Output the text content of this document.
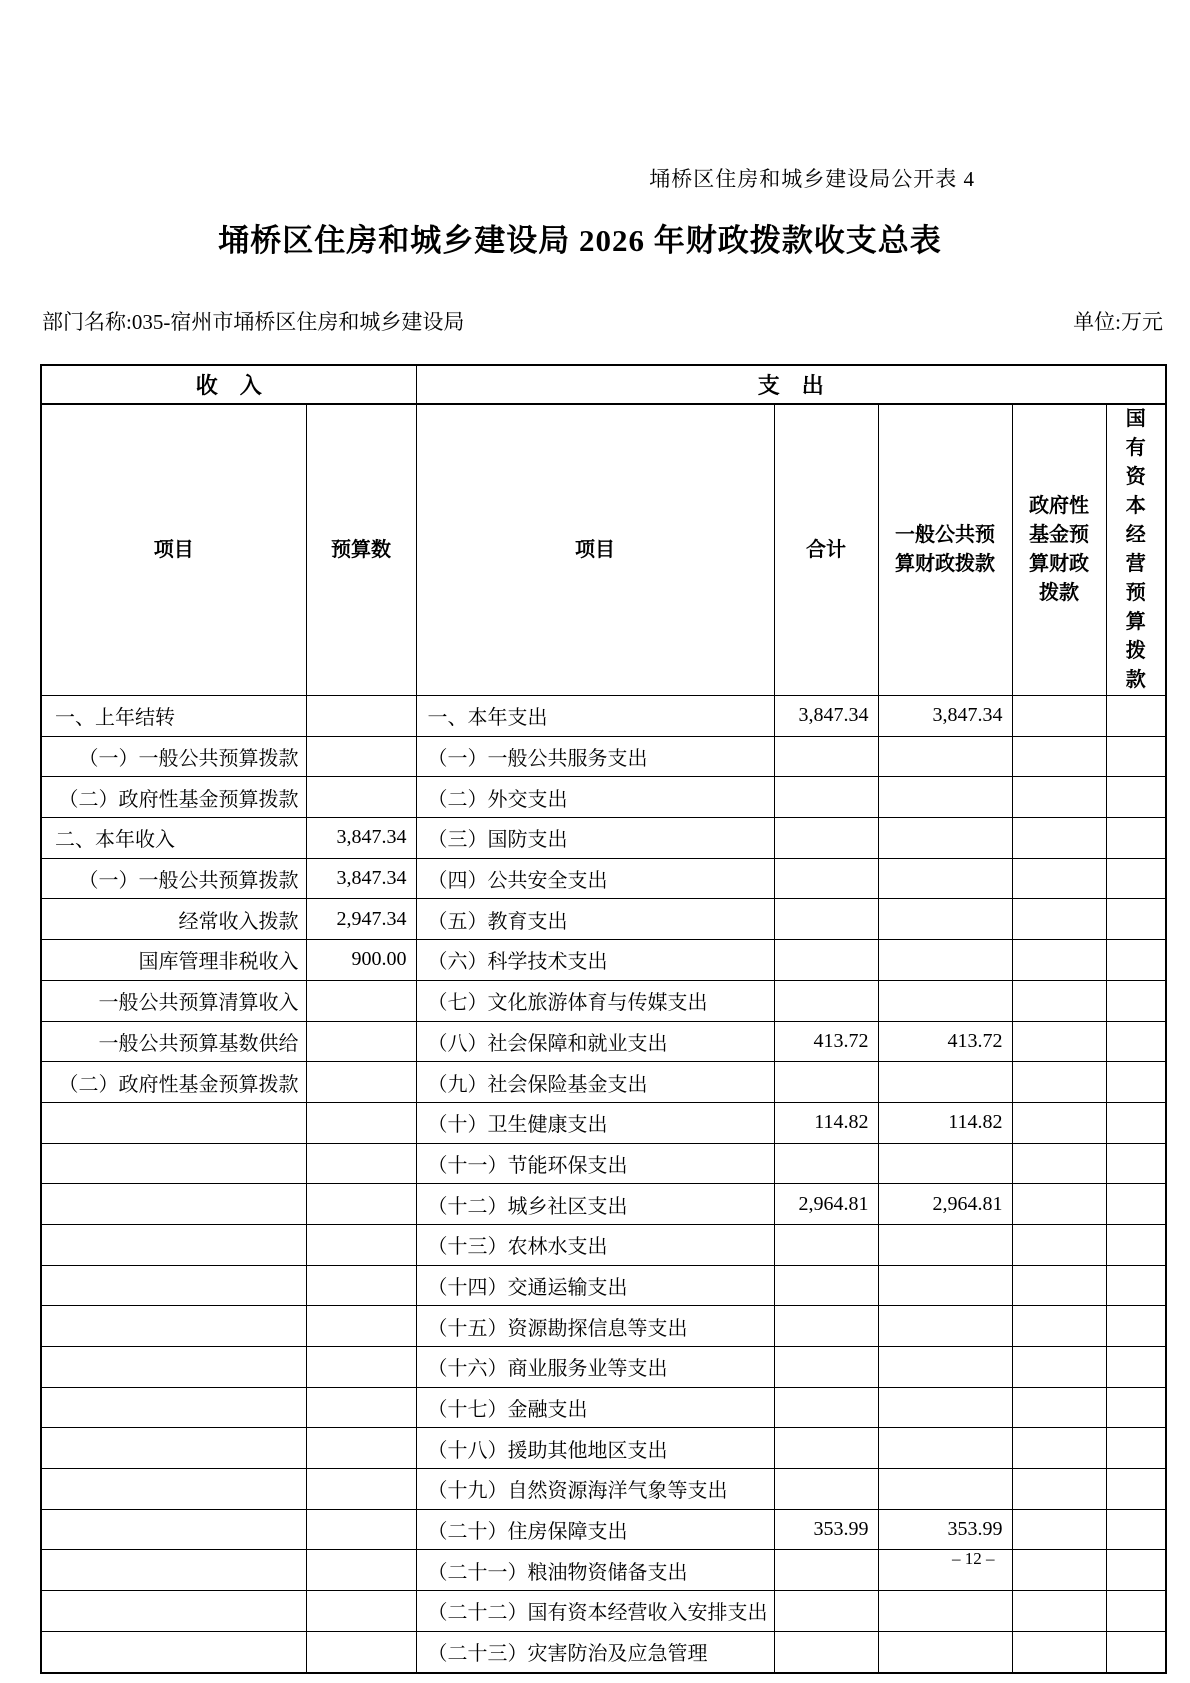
埇桥区住房和城乡建设局公开表 4
埇桥区住房和城乡建设局 2026 年财政拨款收支总表
部门名称:035-宿州市埇桥区住房和城乡建设局	单位:万元
收　入		支　出				
项目	预算数	项目	合计	一般公共预算财政拨款	政府性基金预算财政拨款	国有资本经营预算拨款
一、上年结转		一、本年支出	3,847.34	3,847.34		
（一）一般公共预算拨款		（一）一般公共服务支出				
（二）政府性基金预算拨款		（二）外交支出				
二、本年收入	3,847.34	（三）国防支出				
（一）一般公共预算拨款	3,847.34	（四）公共安全支出				
经常收入拨款	2,947.34	（五）教育支出				
国库管理非税收入	900.00	（六）科学技术支出				
一般公共预算清算收入		（七）文化旅游体育与传媒支出				
一般公共预算基数供给		（八）社会保障和就业支出	413.72	413.72		
（二）政府性基金预算拨款		（九）社会保险基金支出				
		（十）卫生健康支出	114.82	114.82		
		（十一）节能环保支出				
		（十二）城乡社区支出	2,964.81	2,964.81		
		（十三）农林水支出				
		（十四）交通运输支出				
		（十五）资源勘探信息等支出				
		（十六）商业服务业等支出				
		（十七）金融支出				
		（十八）援助其他地区支出				
		（十九）自然资源海洋气象等支出				
		（二十）住房保障支出	353.99	353.99		
		（二十一）粮油物资储备支出				
		（二十二）国有资本经营收入安排支出				
		（二十三）灾害防治及应急管理				
– 12 –
